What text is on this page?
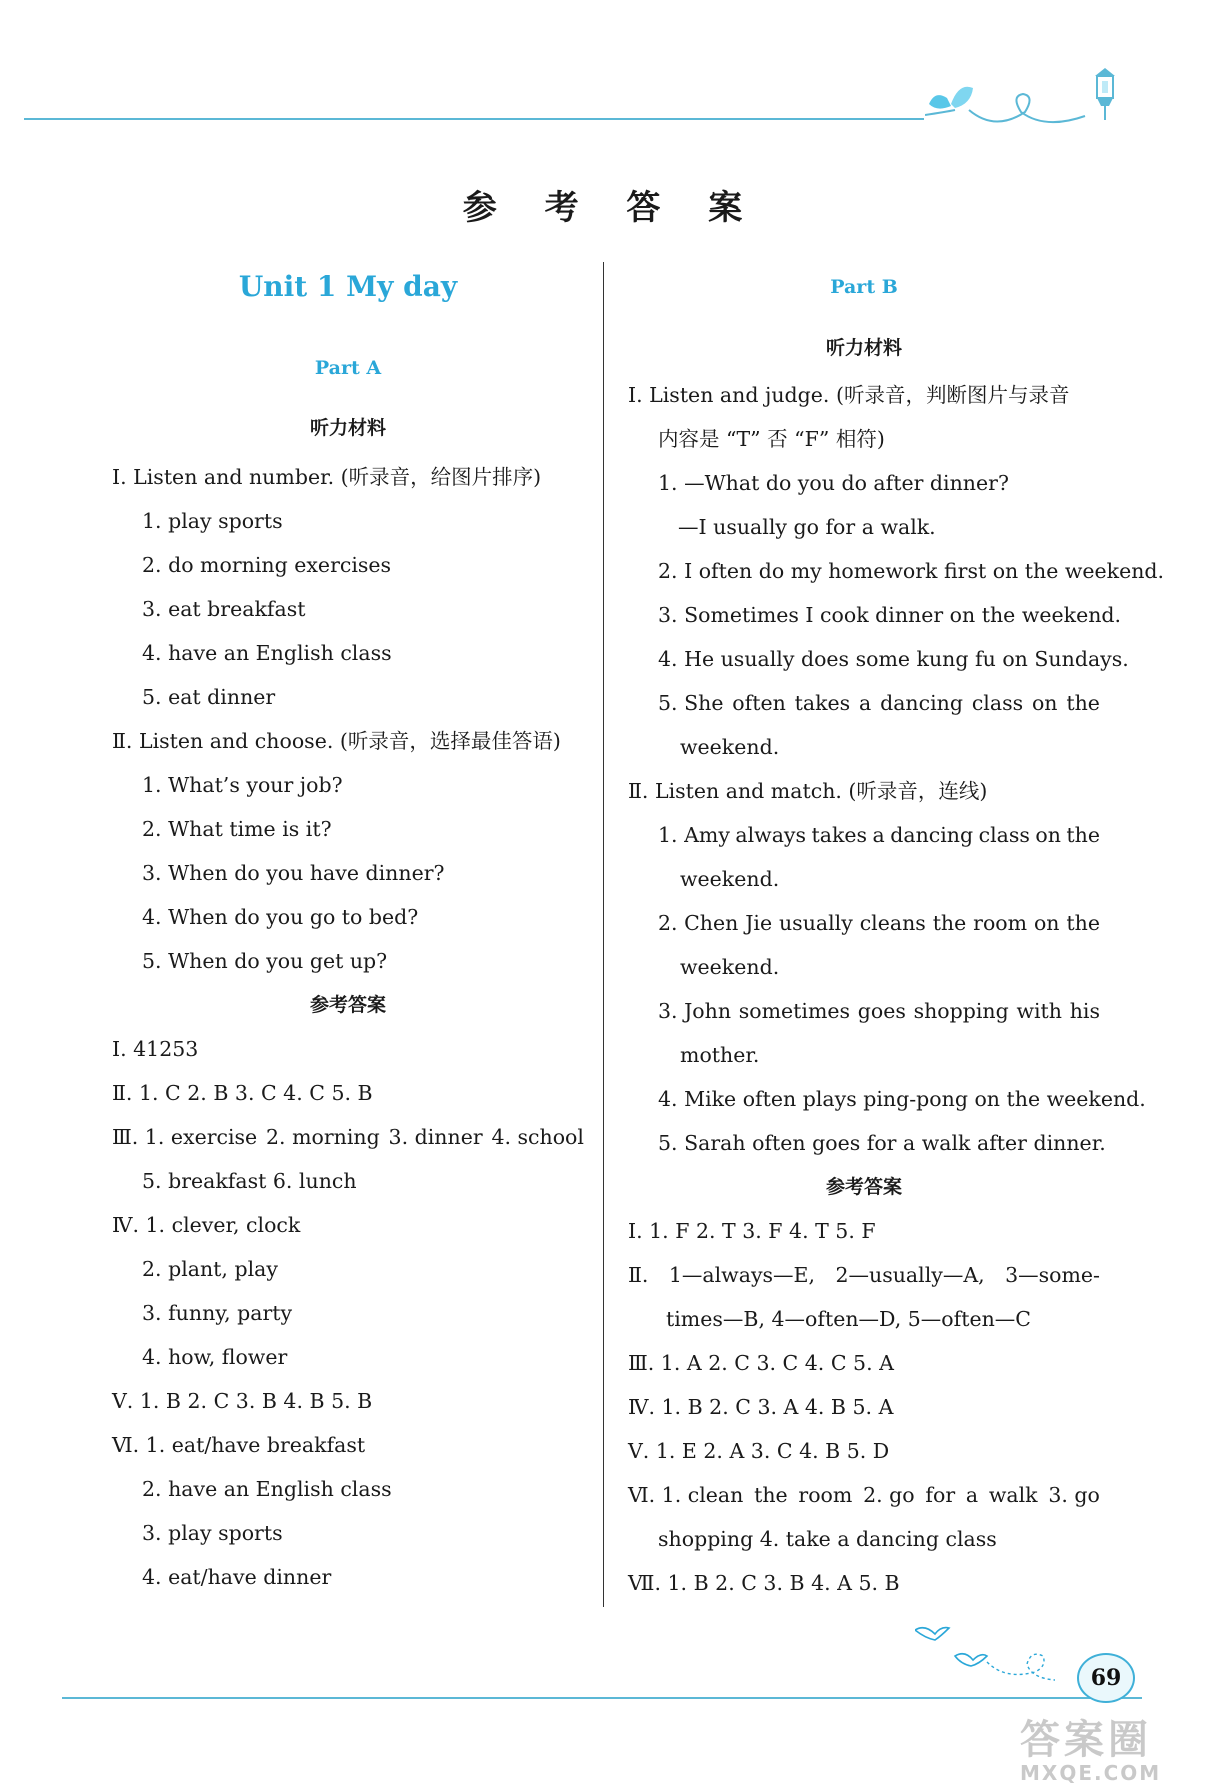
69
参 考 答 案
Unit 1 My day
Part A
听力材料
Ⅰ. Listen and number. (听录音，给图片排序)
1. play sports
2. do morning exercises
3. eat breakfast
4. have an English class
5. eat dinner
Ⅱ. Listen and choose. (听录音，选择最佳答语)
1. What’s your job?
2. What time is it?
3. When do you have dinner?
4. When do you go to bed?
5. When do you get up?
参考答案
Ⅰ. 41253
Ⅱ. 1. C 2. B 3. C 4. C 5. B
Ⅲ. 1. exercise 2. morning 3. dinner 4. school
5. breakfast 6. lunch
Ⅳ. 1. clever, clock
2. plant, play
3. funny, party
4. how, flower
Ⅴ. 1. B 2. C 3. B 4. B 5. B
Ⅵ. 1. eat/have breakfast
2. have an English class
3. play sports
4. eat/have dinner
Part B
听力材料
Ⅰ. Listen and judge. (听录音，判断图片与录音
内容是 “T” 否 “F” 相符)
1. —What do you do after dinner?
—I usually go for a walk.
2. I often do my homework first on the weekend.
3. Sometimes I cook dinner on the weekend.
4. He usually does some kung fu on Sundays.
5. She often takes a dancing class on the
weekend.
Ⅱ. Listen and match. (听录音，连线)
1. Amy always takes a dancing class on the
weekend.
2. Chen Jie usually cleans the room on the
weekend.
3. John sometimes goes shopping with his
mother.
4. Mike often plays ping-pong on the weekend.
5. Sarah often goes for a walk after dinner.
参考答案
Ⅰ. 1. F 2. T 3. F 4. T 5. F
Ⅱ. 1—always—E, 2—usually—A, 3—some-
times—B, 4—often—D, 5—often—C
Ⅲ. 1. A 2. C 3. C 4. C 5. A
Ⅳ. 1. B 2. C 3. A 4. B 5. A
Ⅴ. 1. E 2. A 3. C 4. B 5. D
Ⅵ. 1. clean the room 2. go for a walk 3. go
shopping 4. take a dancing class
Ⅶ. 1. B 2. C 3. B 4. A 5. B
答案圈
MXQE.COM
